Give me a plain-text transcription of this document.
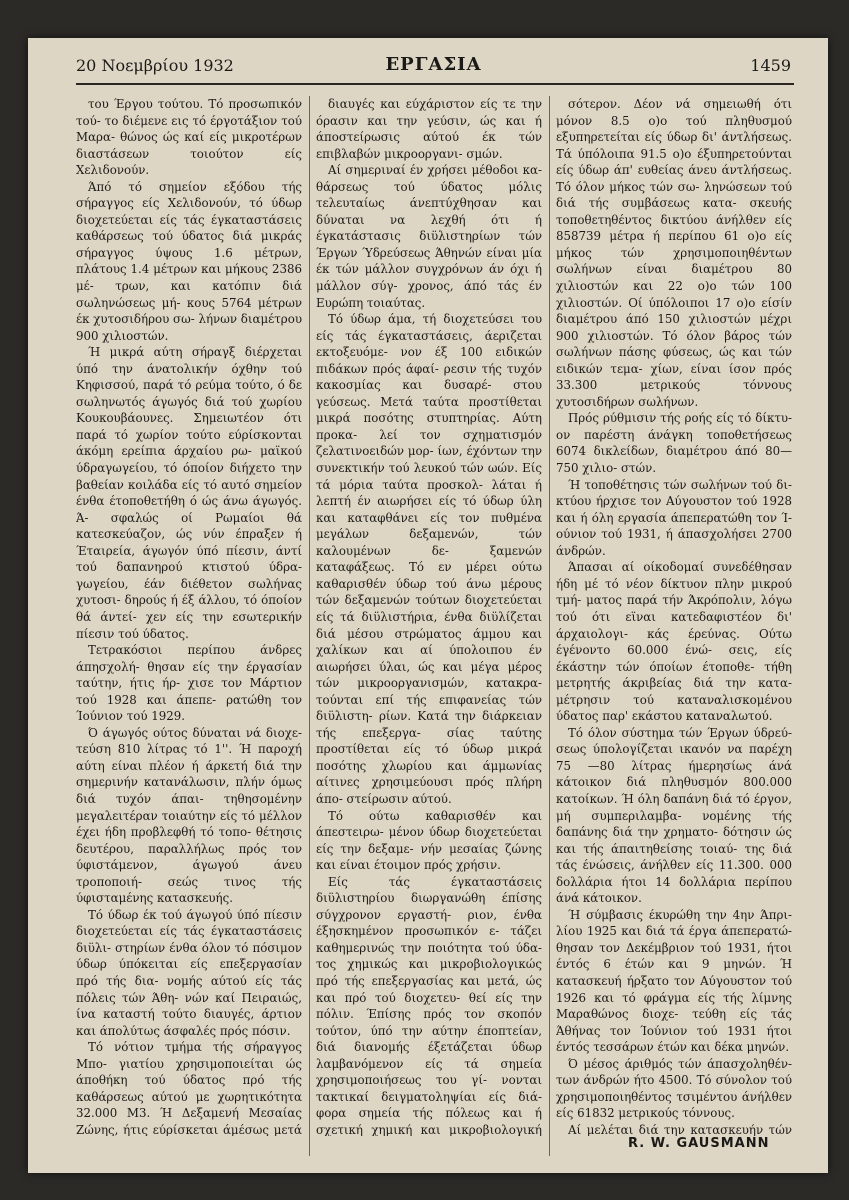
20 Νοεμβρίου 1932	ΕΡΓΑΣΙΑ	1459

του Έργου τούτου. Τό προσωπικόν τού- το διέμενε εις τό έργοτάξιον τού Μαρα- θώνος ώς καί είς μικροτέρων διαστάσεων τοιούτον είς Χελιδονούν.

Άπό τό σημείον εξόδου τής σήραγγος είς Χελιδονούν, τό ύδωρ διοχετεύεται είς τάς έγκαταστάσεις καθάρσεως τού ύδατος διά μικράς σήραγγος ύψους 1.6 μέτρων, πλάτους 1.4 μέτρων και μήκους 2386 μέ- τρων, και κατόπιν διά σωληνώσεως μή- κους 5764 μέτρων έκ χυτοσιδήρου σω- λήνων διαμέτρου 900 χιλιοστών.

Ή μικρά αύτη σήραγξ διέρχεται ύπό την άνατολικήν όχθην τού Κηφισσού, παρά τό ρεύμα τούτο, ό δε σωληνωτός άγωγός διά τού χωρίου Κουκουβάουνες. Σημειωτέον ότι παρά τό χωρίον τούτο εύρίσκονται άκόμη ερείπια άρχαίου ρω- μαϊκού ύδραγωγείου, τό όποίον διήχετο την βαθείαν κοιλάδα είς τό αυτό σημείον ένθα έτοποθετήθη ό ώς άνω άγωγός. Ά- σφαλώς οί Ρωμαίοι θά κατεσκεύαζον, ώς νύν έπραξεν ή Έταιρεία, άγωγόν ύπό πίεσιν, άντί τού δαπανηρού κτιστού ύδρα- γωγείου, έάν διέθετον σωλήνας χυτοσι- δηρούς ή έξ άλλου, τό όποίον θά άντεί- χεν είς την εσωτερικήν πίεσιν τού ύδατος.

Τετρακόσιοι περίπου άνδρες άπησχολή- θησαν είς την έργασίαν ταύτην, ήτις ήρ- χισε τον Μάρτιον τού 1928 και άπεπε- ρατώθη τον Ίούνιον τού 1929.

Ό άγωγός ούτος δύναται νά διοχε- τεύση 810 λίτρας τό 1''. Ή παροχή αύτη είναι πλέον ή άρκετή διά την σημερινήν κατανάλωσιν, πλήν όμως διά τυχόν άπαι- τηθησομένην μεγαλειτέραν τοιαύτην είς τό μέλλον έχει ήδη προβλεφθή τό τοπο- θέτησις δευτέρου, παραλλήλως πρός τον ύφιστάμενον, άγωγού άνευ τροποποιή- σεώς τινος τής ύφισταμένης κατασκευής.

Τό ύδωρ έκ τού άγωγού ύπό πίεσιν διοχετεύεται είς τάς έγκαταστάσεις διϋλι- στηρίων ένθα όλον τό πόσιμον ύδωρ ύπόκειται είς επεξεργασίαν πρό τής δια- νομής αύτού είς τάς πόλεις τών Άθη- νών καί Πειραιώς, ίνα καταστή τούτο διαυγές, άρτιον και άπολύτως άσφαλές πρός πόσιν.

Τό νότιον τμήμα τής σήραγγος Μπο- γιατίου χρησιμοποιείται ώς άποθήκη τού ύδατος πρό τής καθάρσεως αύτού με χωρητικότητα 32.000 Μ3. Ή Δεξαμενή Μεσαίας Ζώνης, ήτις εύρίσκεται άμέσως μετά

διαυγές και εύχάριστον είς τε την όρασιν και την γεύσιν, ώς και ή άποστείρωσις αύτού έκ τών επιβλαβών μικροοργανι- σμών.

Αί σημεριναί έν χρήσει μέθοδοι κα- θάρσεως τού ύδατος μόλις τελευταίως άνεπτύχθησαν και δύναται να λεχθή ότι ή έγκατάστασις διϋλιστηρίων τών Έργων Ύδρεύσεως Άθηνών είναι μία έκ τών μάλλον συγχρόνων άν όχι ή μάλλον σύγ- χρονος, άπό τάς έν Ευρώπη τοιαύτας.

Τό ύδωρ άμα, τή διοχετεύσει του είς τάς έγκαταστάσεις, άεριζεται εκτοξευόμε- νον έξ 100 ειδικών πιδάκων πρός άφαί- ρεσιν τής τυχόν κακοσμίας και δυσαρέ- στου γεύσεως. Μετά ταύτα προστίθεται μικρά ποσότης στυπτηρίας. Αύτη προκα- λεί τον σχηματισμόν ζελατινοειδών μορ- ίων, έχόντων την συνεκτικήν τού λευκού τών ωών. Είς τά μόρια ταύτα προσκολ- λάται ή λεπτή έν αιωρήσει είς τό ύδωρ ύλη και καταφθάνει είς τον πυθμένα μεγάλων δεξαμενών, τών καλουμένων δε- ξαμενών καταφάξεως. Τό εν μέρει ούτω καθαρισθέν ύδωρ τού άνω μέρους τών δεξαμενών τούτων διοχετεύεται είς τά διϋλιστήρια, ένθα διϋλίζεται διά μέσου στρώματος άμμου και χαλίκων και αί ύπολοιπου έν αιωρήσει ύλαι, ώς και μέγα μέρος τών μικροοργανισμών, κατακρα- τούνται επί τής επιφανείας τών διϋλιστη- ρίων. Κατά την διάρκειαν τής επεξεργα- σίας ταύτης προστίθεται είς τό ύδωρ μικρά ποσότης χλωρίου και άμμωνίας αίτινες χρησιμεύουσι πρός πλήρη άπο- στείρωσιν αύτού.

Τό ούτω καθαρισθέν και άπεστειρω- μένον ύδωρ διοχετεύεται είς την δεξαμε- νήν μεσαίας ζώνης και είναι έτοιμον πρός χρήσιν.

Είς τάς έγκαταστάσεις διϋλιστηρίου διωργανώθη έπίσης σύγχρονον εργαστή- ριον, ένθα έξησκημένον προσωπικόν ε- τάζει καθημερινώς την ποιότητα τού ύδα- τος χημικώς και μικροβιολογικώς πρό τής επεξεργασίας και μετά, ώς και πρό τού διοχετευ- θεί είς την πόλιν. Έπίσης πρός τον σκοπόν τούτον, ύπό την αύτην έποπτείαν, διά διανομής έξετάζεται ύδωρ λαμβανόμενον είς τά σημεία χρησιμοποιήσεως του γί- νονται τακτικαί δειγματοληψίαι είς διά- φορα σημεία τής πόλεως και ή σχετική χημική και μικροβιολογική

σότερον. Δέον νά σημειωθή ότι μόνον 8.5 ο)ο τού πληθυσμού εξυπηρετείται είς ύδωρ δι' άντλήσεως. Τά ύπόλοιπα 91.5 ο)ο έξυπηρετούνται είς ύδωρ άπ' ευθείας άνευ άντλήσεως. Τό όλον μήκος τών σω- ληνώσεων τού διά τής συμβάσεως κατα- σκευής τοποθετηθέντος δικτύου άνήλθεν είς 858739 μέτρα ή περίπου 61 ο)ο είς μήκος τών χρησιμοποιηθέντων σωλήνων είναι διαμέτρου 80 χιλιοστών και 22 ο)ο τών 100 χιλιοστών. Οί ύπόλοιποι 17 ο)ο είσίν διαμέτρου άπό 150 χιλιοστών μέχρι 900 χιλιοστών. Τό όλον βάρος τών σωλήνων πάσης φύσεως, ώς και τών ειδικών τεμα- χίων, είναι ίσον πρός 33.300 μετρικούς τόννους χυτοσιδήρων σωλήνων.

Πρός ρύθμισιν τής ροής είς τό δίκτυ- ον παρέστη άνάγκη τοποθετήσεως 6074 δικλείδων, διαμέτρου άπό 80—750 χιλιο- στών.

Ή τοποθέτησις τών σωλήνων τού δι- κτύου ήρχισε τον Αύγουστον τού 1928 και ή όλη εργασία άπεπερατώθη τον Ί- ούνιον τού 1931, ή άπασχολήσει 2700 άνδρών.

Άπασαι αί οίκοδομαί συνεδέθησαν ήδη μέ τό νέον δίκτυον πλην μικρού τμή- ματος παρά τήν Άκρόπολιν, λόγω τού ότι εϊναι κατεδαφιστέον δι' άρχαιολογι- κάς έρεύνας. Ούτω έγένοντο 60.000 ένώ- σεις, είς έκάστην τών όποίων έτοποθε- τήθη μετρητής άκριβείας διά την κατα- μέτρησιν τού καταναλισκομένου ύδατος παρ' εκάστου καταναλωτού.

Τό όλον σύστημα τών Έργων ύδρεύ- σεως ύπολογίζεται ικανόν να παρέχη 75 —80 λίτρας ήμερησίως άνά κάτοικον διά πληθυσμόν 800.000 κατοίκων. Ή όλη δαπάνη διά τό έργον, μή συμπεριλαμβα- νομένης τής δαπάνης διά την χρηματο- δότησιν ώς και τής άπαιτηθείσης τοιαύ- της διά τάς ένώσεις, άνήλθεν είς 11.300. 000 δολλάρια ήτοι 14 δολλάρια περίπου άνά κάτοικον.

Ή σύμβασις έκυρώθη την 4ην Άπρι- λίου 1925 και διά τά έργα άπεπερατώ- θησαν τον Δεκέμβριον τού 1931, ήτοι έντός 6 έτών και 9 μηνών. Ή κατασκευή ήρξατο τον Αύγουστον τού 1926 και τό φράγμα είς τής λίμνης Μαραθώνος διοχε- τεύθη είς τάς Άθήνας τον Ίούνιον τού 1931 ήτοι έντός τεσσάρων έτών και δέκα μηνών.

Ό μέσος άριθμός τών άπασχοληθέν- των άνδρών ήτο 4500. Τό σύνολον τού χρησιμοποιηθέντος τσιμέντου άνήλθεν είς 61832 μετρικούς τόννους.

Αί μελέται διά την κατασκευήν τών

R. W. GAUSMANN
